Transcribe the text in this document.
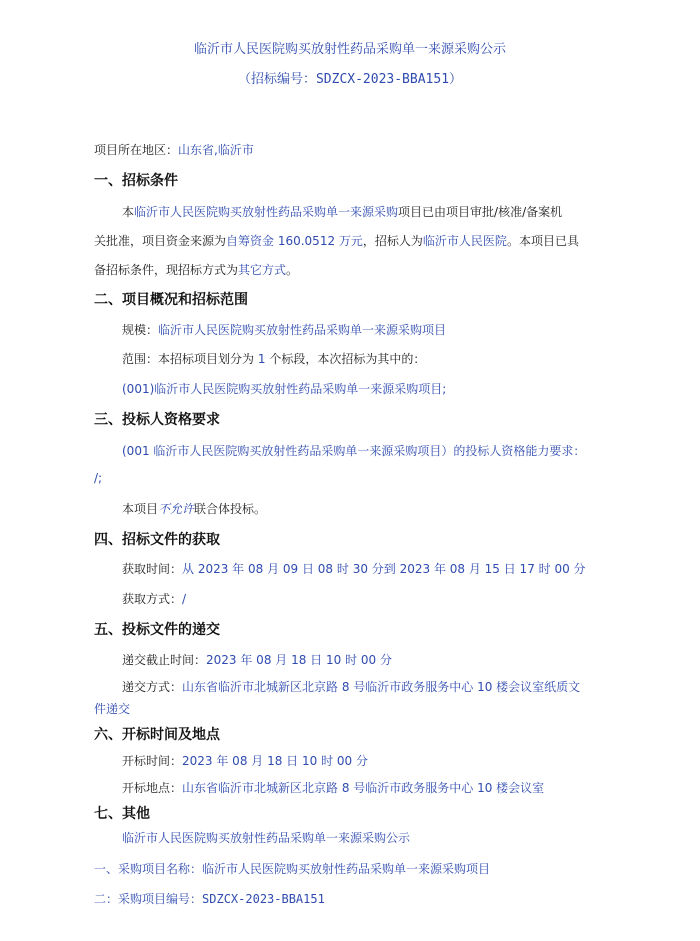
临沂市人民医院购买放射性药品采购单一来源采购公示
（招标编号：SDZCX-2023-BBA151）
项目所在地区：山东省,临沂市
一、招标条件
本临沂市人民医院购买放射性药品采购单一来源采购项目已由项目审批/核准/备案机
关批准，项目资金来源为自筹资金 160.0512 万元，招标人为临沂市人民医院。本项目已具
备招标条件，现招标方式为其它方式。
二、项目概况和招标范围
规模：临沂市人民医院购买放射性药品采购单一来源采购项目
范围：本招标项目划分为 1 个标段，本次招标为其中的：
(001)临沂市人民医院购买放射性药品采购单一来源采购项目;
三、投标人资格要求
(001 临沂市人民医院购买放射性药品采购单一来源采购项目）的投标人资格能力要求：
/;
本项目不允许联合体投标。
四、招标文件的获取
获取时间：从 2023 年 08 月 09 日 08 时 30 分到 2023 年 08 月 15 日 17 时 00 分
获取方式：/
五、投标文件的递交
递交截止时间：2023 年 08 月 18 日 10 时 00 分
递交方式：山东省临沂市北城新区北京路 8 号临沂市政务服务中心 10 楼会议室纸质文
件递交
六、开标时间及地点
开标时间：2023 年 08 月 18 日 10 时 00 分
开标地点：山东省临沂市北城新区北京路 8 号临沂市政务服务中心 10 楼会议室
七、其他
临沂市人民医院购买放射性药品采购单一来源采购公示
一、采购项目名称：临沂市人民医院购买放射性药品采购单一来源采购项目
二：采购项目编号：SDZCX-2023-BBA151
